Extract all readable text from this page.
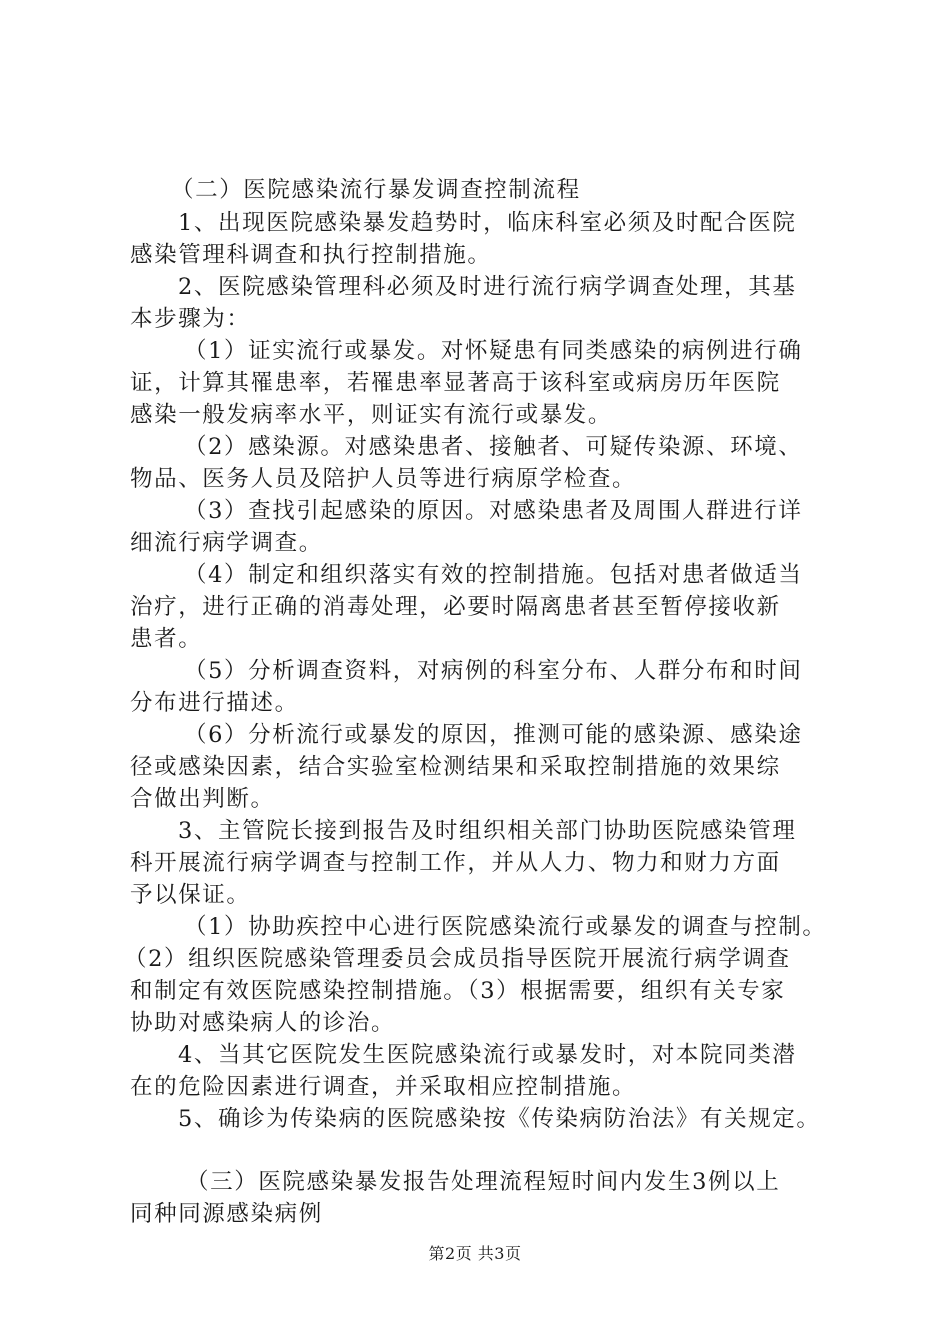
（二）医院感染流行暴发调查控制流程
1、出现医院感染暴发趋势时，临床科室必须及时配合医院
感染管理科调查和执行控制措施。
2、医院感染管理科必须及时进行流行病学调查处理，其基
本步骤为：
（1）证实流行或暴发。对怀疑患有同类感染的病例进行确
证，计算其罹患率，若罹患率显著高于该科室或病房历年医院
感染一般发病率水平，则证实有流行或暴发。
（2）感染源。对感染患者、接触者、可疑传染源、环境、
物品、医务人员及陪护人员等进行病原学检查。
（3）查找引起感染的原因。对感染患者及周围人群进行详
细流行病学调查。
（4）制定和组织落实有效的控制措施。包括对患者做适当
治疗，进行正确的消毒处理，必要时隔离患者甚至暂停接收新
患者。
（5）分析调查资料，对病例的科室分布、人群分布和时间
分布进行描述。
（6）分析流行或暴发的原因，推测可能的感染源、感染途
径或感染因素，结合实验室检测结果和采取控制措施的效果综
合做出判断。
3、主管院长接到报告及时组织相关部门协助医院感染管理
科开展流行病学调查与控制工作，并从人力、物力和财力方面
予以保证。
（1）协助疾控中心进行医院感染流行或暴发的调查与控制。
（2）组织医院感染管理委员会成员指导医院开展流行病学调查
和制定有效医院感染控制措施。（3）根据需要，组织有关专家
协助对感染病人的诊治。
4、当其它医院发生医院感染流行或暴发时，对本院同类潜
在的危险因素进行调查，并采取相应控制措施。
5、确诊为传染病的医院感染按《传染病防治法》有关规定。
（三）医院感染暴发报告处理流程短时间内发生3例以上
同种同源感染病例
第2页 共3页
